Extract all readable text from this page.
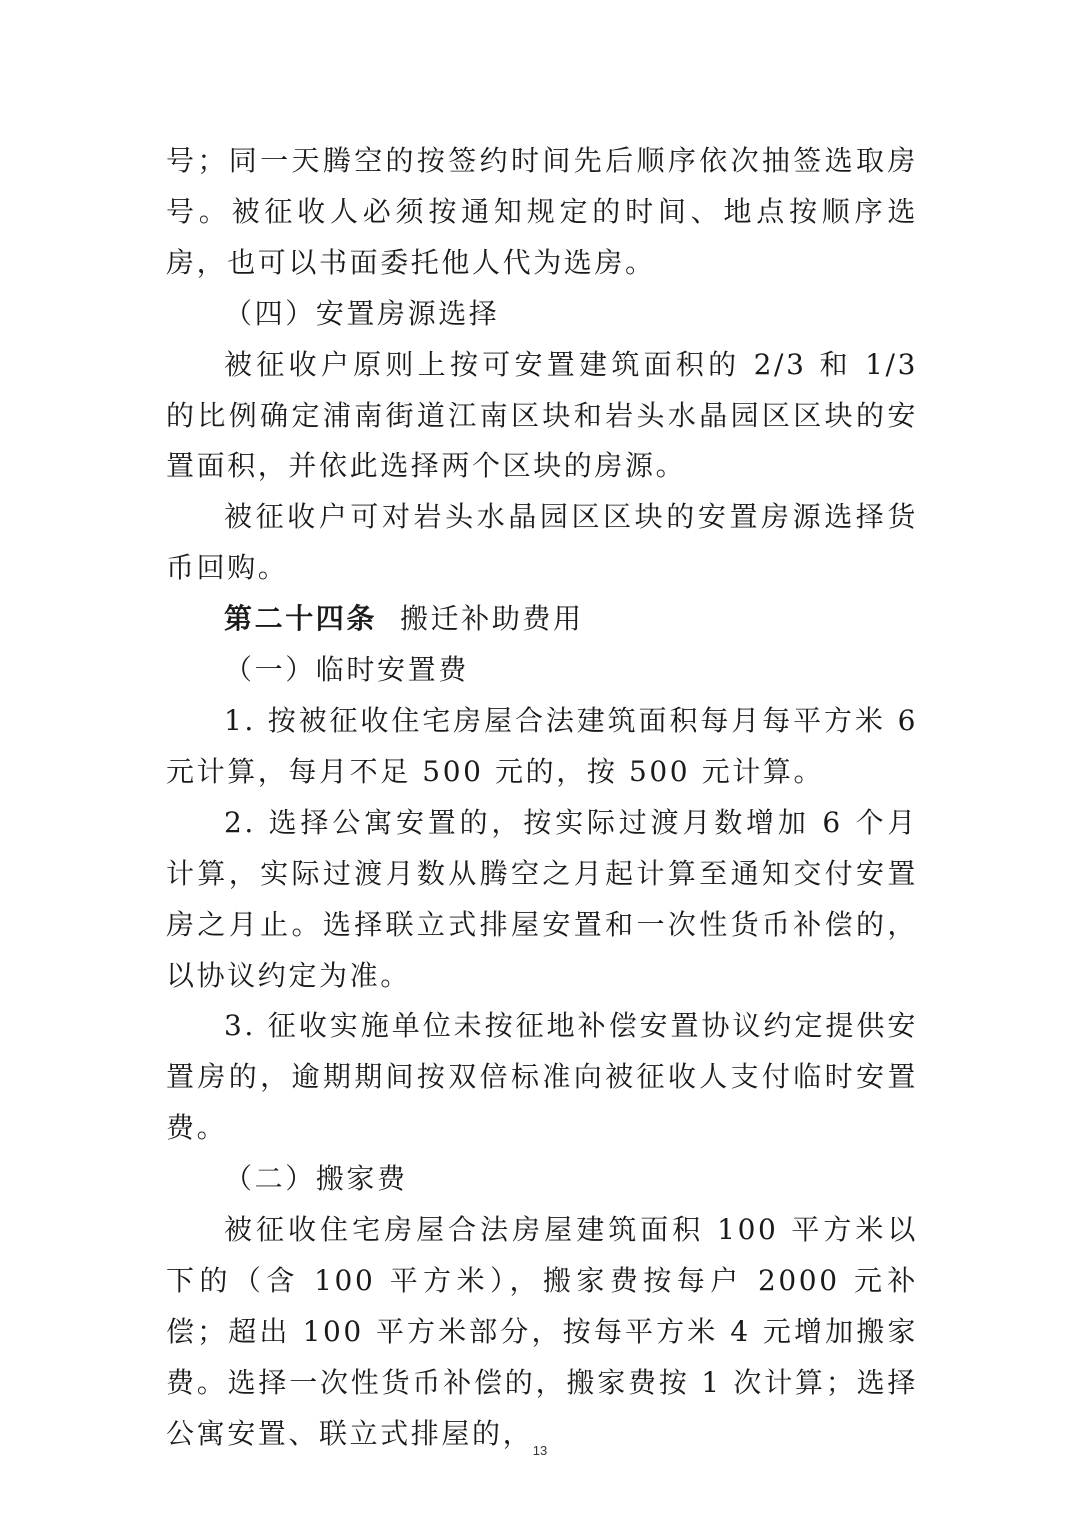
号；同一天腾空的按签约时间先后顺序依次抽签选取房号。被征收人必须按通知规定的时间、地点按顺序选房，也可以书面委托他人代为选房。

（四）安置房源选择

被征收户原则上按可安置建筑面积的 2/3 和 1/3 的比例确定浦南街道江南区块和岩头水晶园区区块的安置面积，并依此选择两个区块的房源。

被征收户可对岩头水晶园区区块的安置房源选择货币回购。

第二十四条  搬迁补助费用

（一）临时安置费

1. 按被征收住宅房屋合法建筑面积每月每平方米 6 元计算，每月不足 500 元的，按 500 元计算。

2. 选择公寓安置的，按实际过渡月数增加 6 个月计算，实际过渡月数从腾空之月起计算至通知交付安置房之月止。选择联立式排屋安置和一次性货币补偿的，以协议约定为准。

3. 征收实施单位未按征地补偿安置协议约定提供安置房的，逾期期间按双倍标准向被征收人支付临时安置费。

（二）搬家费

被征收住宅房屋合法房屋建筑面积 100 平方米以下的（含 100 平方米），搬家费按每户 2000 元补偿；超出 100 平方米部分，按每平方米 4 元增加搬家费。选择一次性货币补偿的，搬家费按 1 次计算；选择公寓安置、联立式排屋的，

13
